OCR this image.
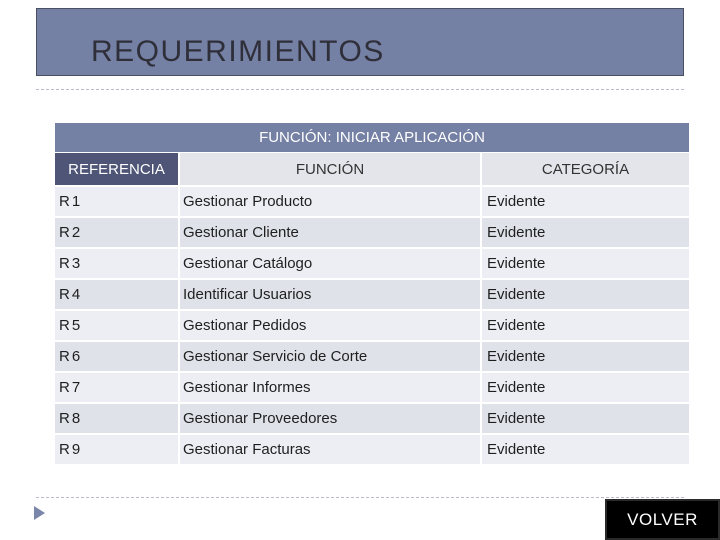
REQUERIMIENTOS
FUNCIÓN: INICIAR APLICACIÓN
REFERENCIA	FUNCIÓN	CATEGORÍA
R1	Gestionar Producto	Evidente
R2	Gestionar Cliente	Evidente
R3	Gestionar Catálogo	Evidente
R4	Identificar Usuarios	Evidente
R5	Gestionar Pedidos	Evidente
R6	Gestionar Servicio de Corte	Evidente
R7	Gestionar Informes	Evidente
R8	Gestionar Proveedores	Evidente
R9	Gestionar Facturas	Evidente
VOLVER
